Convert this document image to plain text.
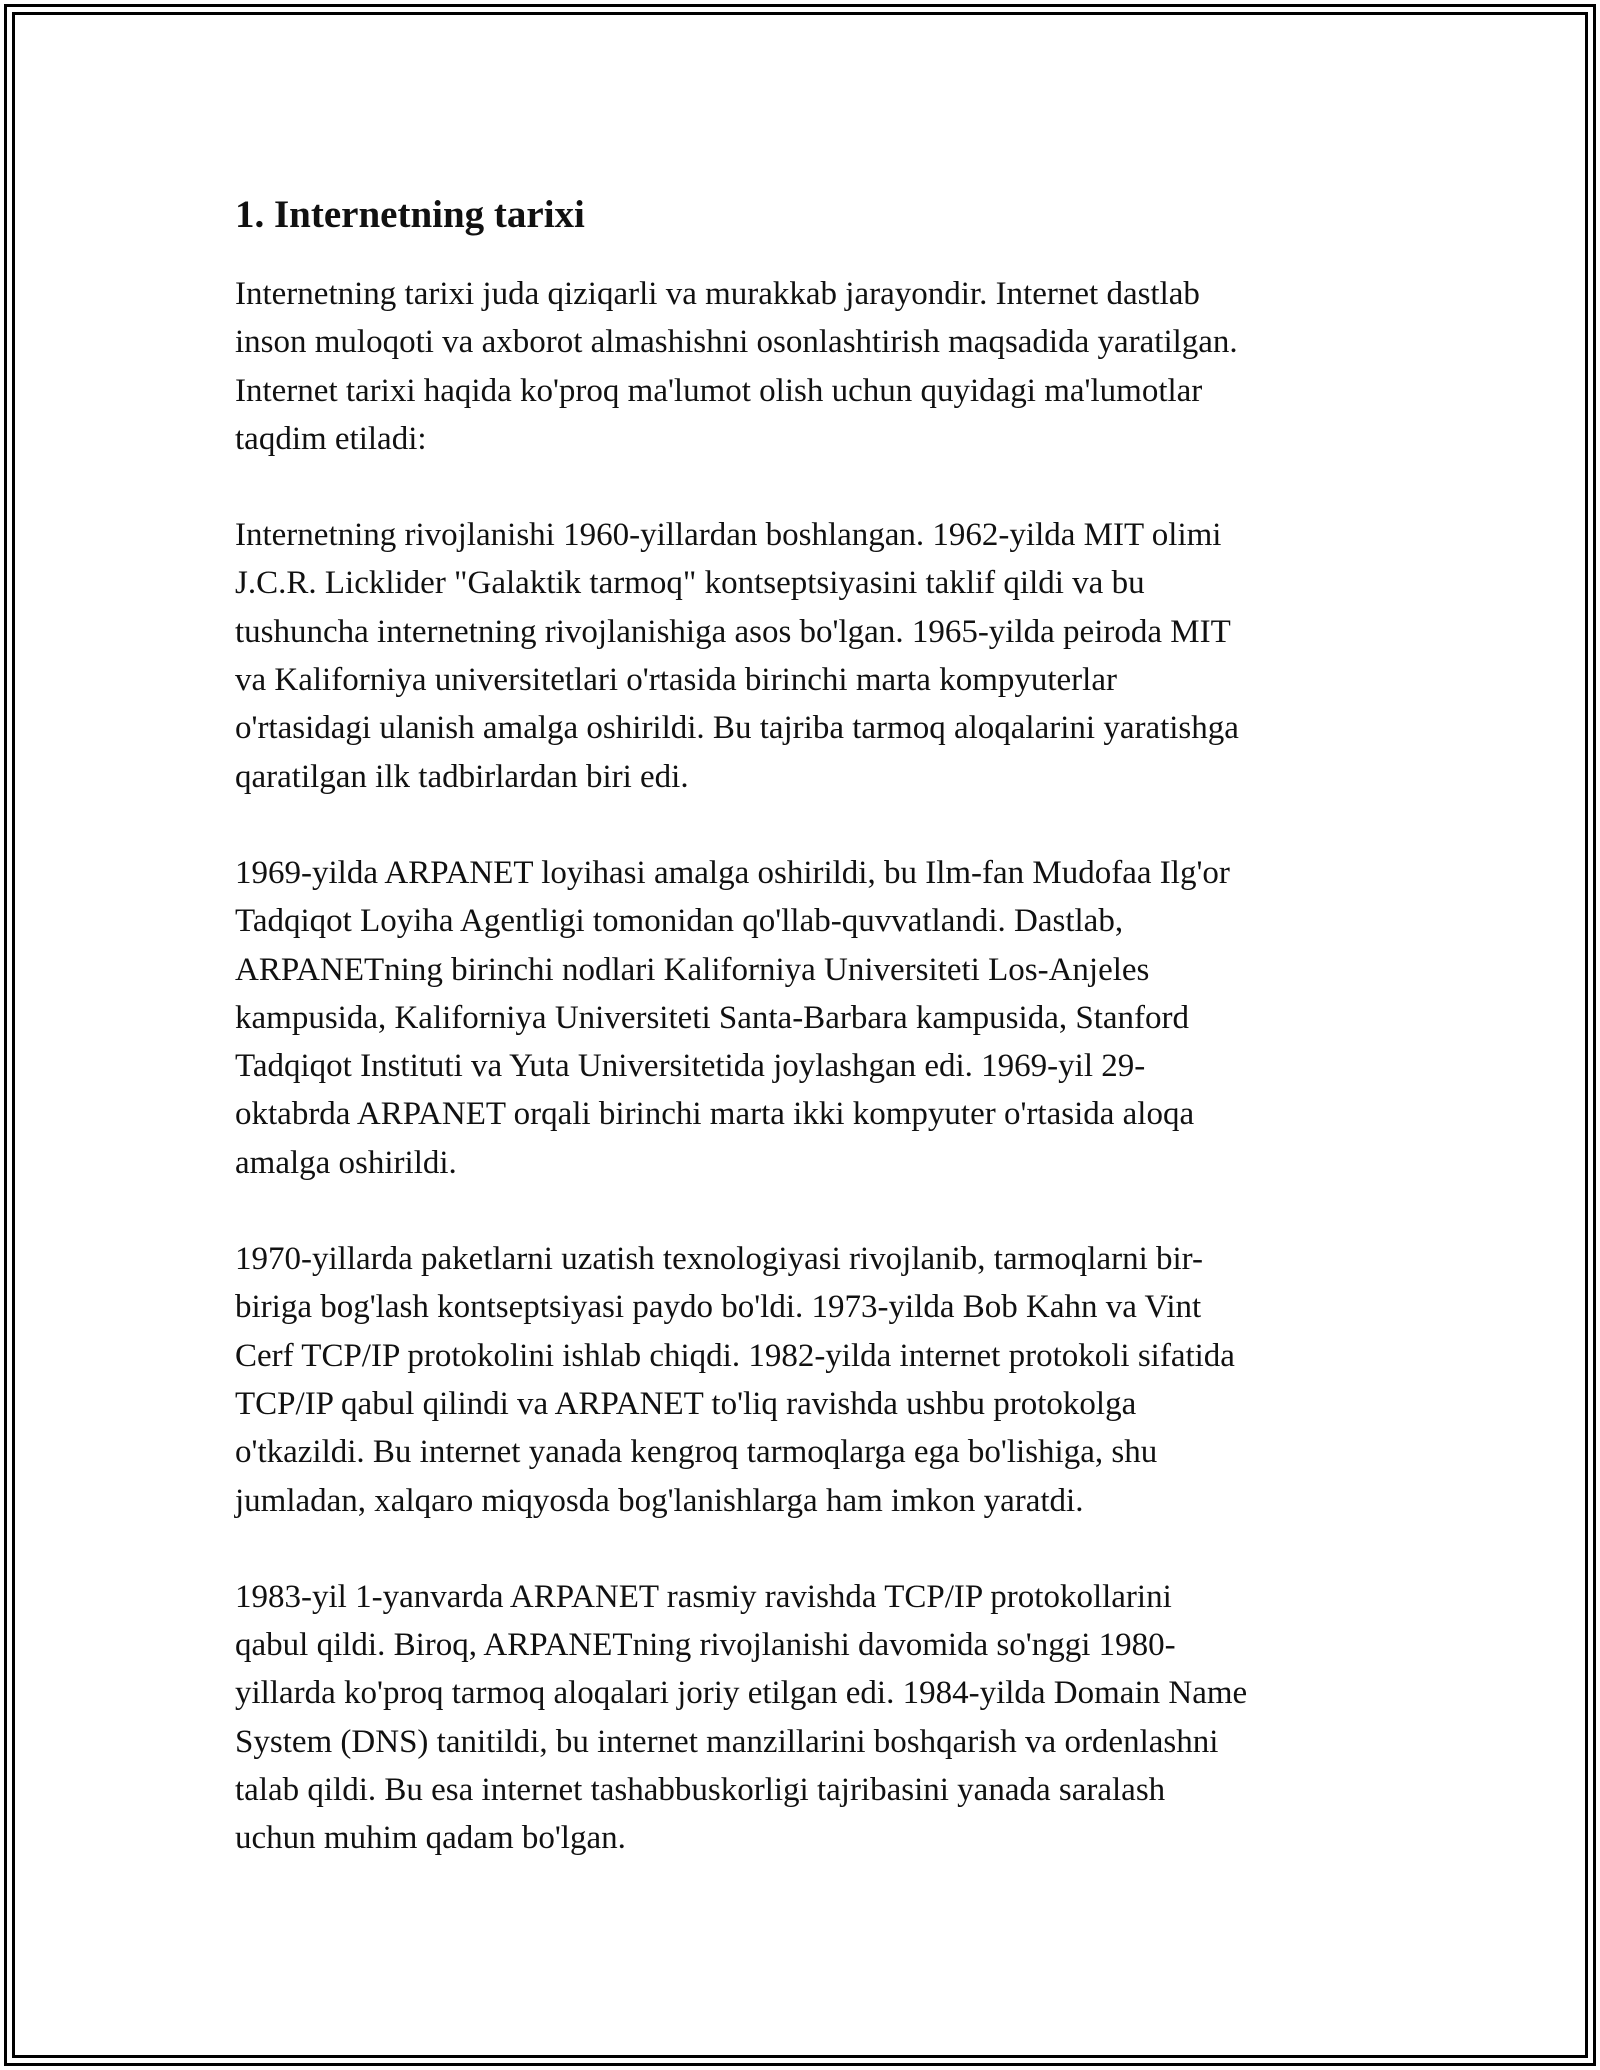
1. Internetning tarixi

Internetning tarixi juda qiziqarli va murakkab jarayondir. Internet dastlab
inson muloqoti va axborot almashishni osonlashtirish maqsadida yaratilgan.
Internet tarixi haqida ko'proq ma'lumot olish uchun quyidagi ma'lumotlar
taqdim etiladi:

Internetning rivojlanishi 1960-yillardan boshlangan. 1962-yilda MIT olimi
J.C.R. Licklider "Galaktik tarmoq" kontseptsiyasini taklif qildi va bu
tushuncha internetning rivojlanishiga asos bo'lgan. 1965-yilda peiroda MIT
va Kaliforniya universitetlari o'rtasida birinchi marta kompyuterlar
o'rtasidagi ulanish amalga oshirildi. Bu tajriba tarmoq aloqalarini yaratishga
qaratilgan ilk tadbirlardan biri edi.

1969-yilda ARPANET loyihasi amalga oshirildi, bu Ilm-fan Mudofaa Ilg'or
Tadqiqot Loyiha Agentligi tomonidan qo'llab-quvvatlandi. Dastlab,
ARPANETning birinchi nodlari Kaliforniya Universiteti Los-Anjeles
kampusida, Kaliforniya Universiteti Santa-Barbara kampusida, Stanford
Tadqiqot Instituti va Yuta Universitetida joylashgan edi. 1969-yil 29-
oktabrda ARPANET orqali birinchi marta ikki kompyuter o'rtasida aloqa
amalga oshirildi.

1970-yillarda paketlarni uzatish texnologiyasi rivojlanib, tarmoqlarni bir-
biriga bog'lash kontseptsiyasi paydo bo'ldi. 1973-yilda Bob Kahn va Vint
Cerf TCP/IP protokolini ishlab chiqdi. 1982-yilda internet protokoli sifatida
TCP/IP qabul qilindi va ARPANET to'liq ravishda ushbu protokolga
o'tkazildi. Bu internet yanada kengroq tarmoqlarga ega bo'lishiga, shu
jumladan, xalqaro miqyosda bog'lanishlarga ham imkon yaratdi.

1983-yil 1-yanvarda ARPANET rasmiy ravishda TCP/IP protokollarini
qabul qildi. Biroq, ARPANETning rivojlanishi davomida so'nggi 1980-
yillarda ko'proq tarmoq aloqalari joriy etilgan edi. 1984-yilda Domain Name
System (DNS) tanitildi, bu internet manzillarini boshqarish va ordenlashni
talab qildi. Bu esa internet tashabbuskorligi tajribasini yanada saralash
uchun muhim qadam bo'lgan.
